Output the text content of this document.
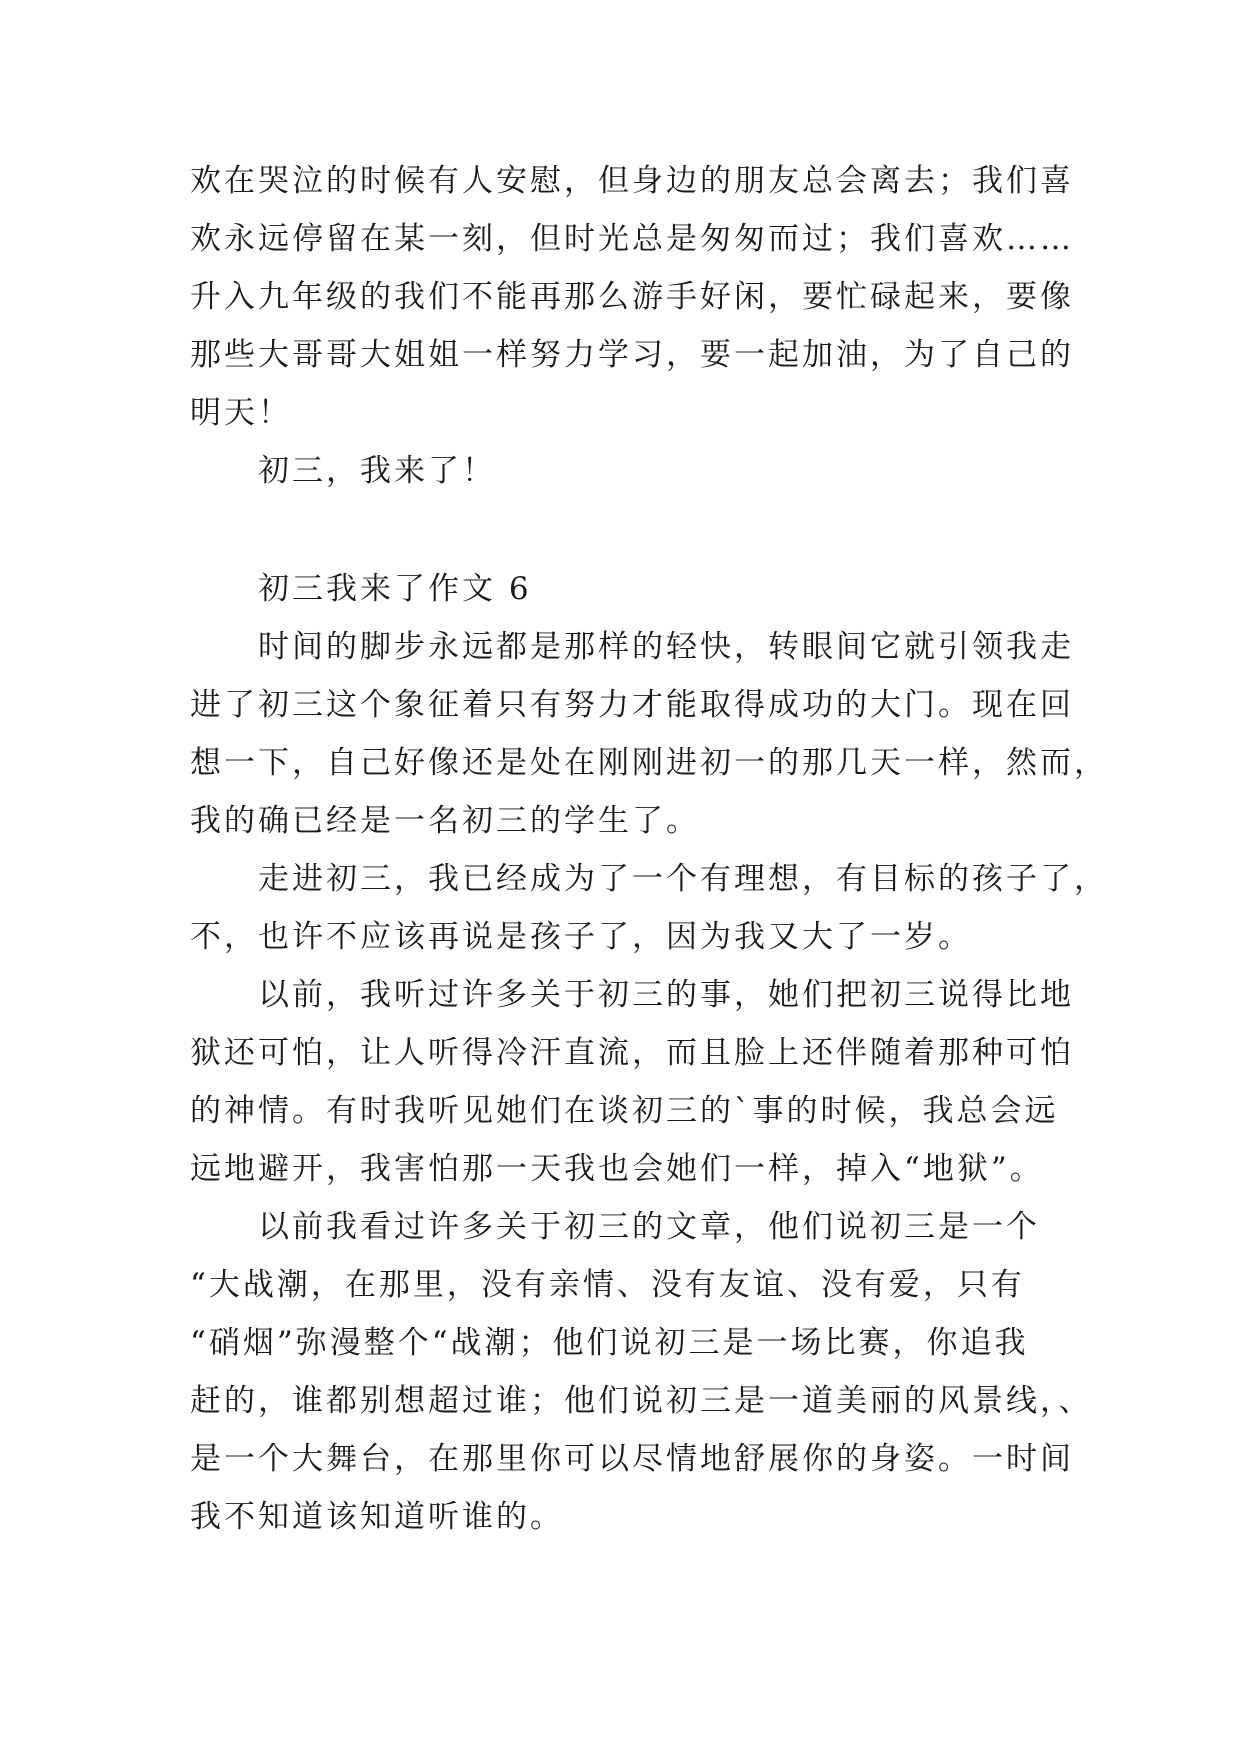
欢在哭泣的时候有人安慰，但身边的朋友总会离去；我们喜
欢永远停留在某一刻，但时光总是匆匆而过；我们喜欢……
升入九年级的我们不能再那么游手好闲，要忙碌起来，要像
那些大哥哥大姐姐一样努力学习，要一起加油，为了自己的
明天！
初三，我来了！
初三我来了作文 6
时间的脚步永远都是那样的轻快，转眼间它就引领我走
进了初三这个象征着只有努力才能取得成功的大门。现在回
想一下，自己好像还是处在刚刚进初一的那几天一样，然而，
我的确已经是一名初三的学生了。
走进初三，我已经成为了一个有理想，有目标的孩子了，
不，也许不应该再说是孩子了，因为我又大了一岁。
以前，我听过许多关于初三的事，她们把初三说得比地
狱还可怕，让人听得冷汗直流，而且脸上还伴随着那种可怕
的神情。有时我听见她们在谈初三的`事的时候，我总会远
远地避开，我害怕那一天我也会她们一样，掉入“地狱”。
以前我看过许多关于初三的文章，他们说初三是一个
“大战潮，在那里，没有亲情、没有友谊、没有爱，只有
“硝烟”弥漫整个“战潮；他们说初三是一场比赛，你追我
赶的，谁都别想超过谁；他们说初三是一道美丽的风景线，、
是一个大舞台，在那里你可以尽情地舒展你的身姿。一时间
我不知道该知道听谁的。
